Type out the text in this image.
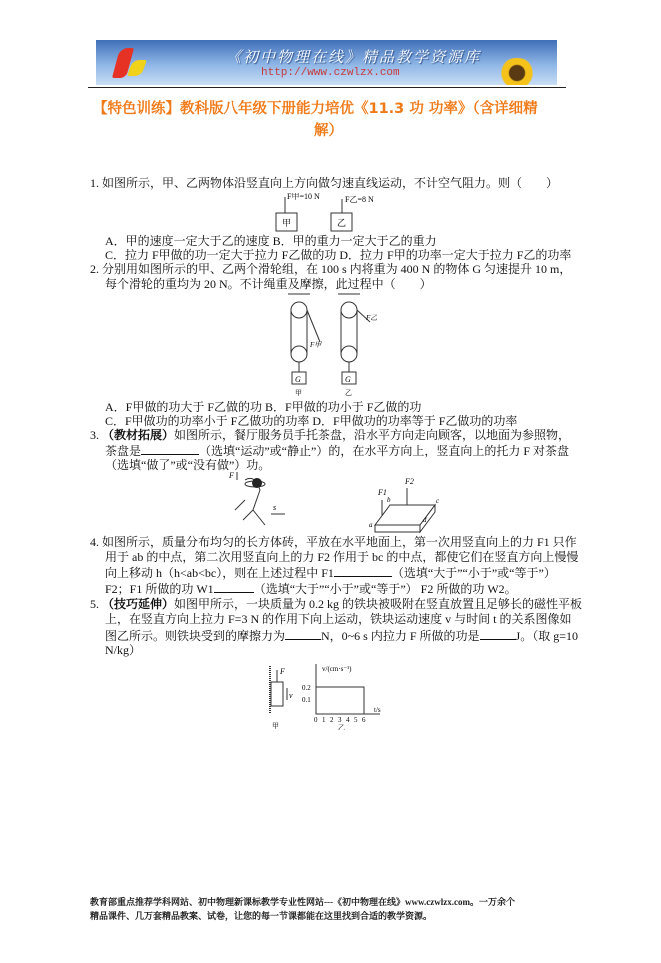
《初中物理在线》精品教学资源库
http://www.czwlzx.com
【特色训练】教科版八年级下册能力培优《11.3 功 功率》（含详细精
解）
1. 如图所示，甲、乙两物体沿竖直向上方向做匀速直线运动，不计空气阻力。则（　　）
F甲=10 N	F乙=8 N
甲	乙
A．甲的速度一定大于乙的速度 B．甲的重力一定大于乙的重力
C．拉力 F甲做的功一定大于拉力 F乙做的功 D．拉力 F甲的功率一定大于拉力 F乙的功率
2. 分别用如图所示的甲、乙两个滑轮组，在 100 s 内将重为 400 N 的物体 G 匀速提升 10 m，
每个滑轮的重均为 20 N。不计绳重及摩擦，此过程中（　　）
F甲
F乙
G	G
甲	乙
A．F甲做的功大于 F乙做的功 B．F甲做的功小于 F乙做的功
C．F甲做功的功率小于 F乙做功的功率 D．F甲做功的功率等于 F乙做功的功率
3. （教材拓展）如图所示，餐厅服务员手托茶盘，沿水平方向走向顾客，以地面为参照物，
茶盘是	（选填“运动”或“静止”）的，在水平方向上，竖直向上的托力 F 对茶盘
（选填“做了”或“没有做”）功。
F
s
F1
F2
a
b	c
d
4. 如图所示，质量分布均匀的长方体砖，平放在水平地面上，第一次用竖直向上的力 F1 只作
用于 ab 的中点，第二次用竖直向上的力 F2 作用于 bc 的中点，都使它们在竖直方向上慢慢
向上移动 h（h<ab<bc），则在上述过程中 F1	（选填“大于”“小于”或“等于”）
F2；F1 所做的功 W1	（选填“大于”“小于”或“等于”） F2 所做的功 W2。
5. （技巧延伸）如图甲所示，一块质量为 0.2 kg 的铁块被吸附在竖直放置且足够长的磁性平板
上，在竖直方向上拉力 F=3 N 的作用下向上运动，铁块运动速度 v 与时间 t 的关系图像如
图乙所示。则铁块受到的摩擦力为	N，0~6 s 内拉力 F 所做的功是	J。（取 g=10
N/kg）
F
v
甲
v/(cm·s⁻¹)
t/s
0.2
0.1
0 1 2 3 4 5 6
乙
教育部重点推荐学科网站、初中物理新课标教学专业性网站---《初中物理在线》www.czwlzx.com。一万余个
精品课件、几万套精品教案、试卷，让您的每一节课都能在这里找到合适的教学资源。
